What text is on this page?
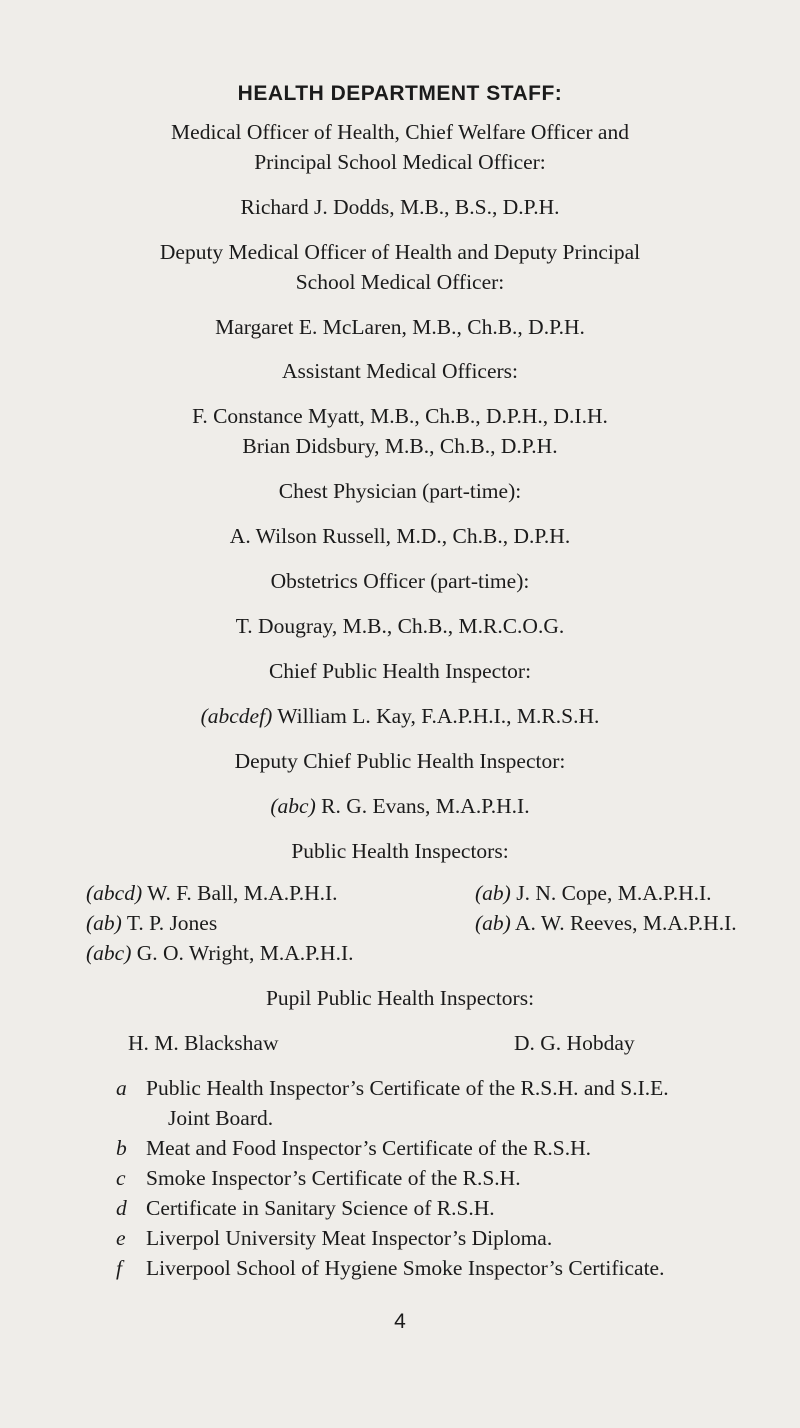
HEALTH DEPARTMENT STAFF:
Medical Officer of Health, Chief Welfare Officer and
Principal School Medical Officer:
Richard J. Dodds, M.B., B.S., D.P.H.
Deputy Medical Officer of Health and Deputy Principal
School Medical Officer:
Margaret E. McLaren, M.B., Ch.B., D.P.H.
Assistant Medical Officers:
F. Constance Myatt, M.B., Ch.B., D.P.H., D.I.H.
Brian Didsbury, M.B., Ch.B., D.P.H.
Chest Physician (part-time):
A. Wilson Russell, M.D., Ch.B., D.P.H.
Obstetrics Officer (part-time):
T. Dougray, M.B., Ch.B., M.R.C.O.G.
Chief Public Health Inspector:
(abcdef) William L. Kay, F.A.P.H.I., M.R.S.H.
Deputy Chief Public Health Inspector:
(abc) R. G. Evans, M.A.P.H.I.
Public Health Inspectors:
(abcd) W. F. Ball, M.A.P.H.I.	(ab) J. N. Cope, M.A.P.H.I.
(ab) T. P. Jones	(ab) A. W. Reeves, M.A.P.H.I.
(abc) G. O. Wright, M.A.P.H.I.
Pupil Public Health Inspectors:
H. M. Blackshaw	D. G. Hobday
a Public Health Inspector’s Certificate of the R.S.H. and S.I.E.
Joint Board.
b Meat and Food Inspector’s Certificate of the R.S.H.
c Smoke Inspector’s Certificate of the R.S.H.
d Certificate in Sanitary Science of R.S.H.
e Liverpol University Meat Inspector’s Diploma.
f Liverpool School of Hygiene Smoke Inspector’s Certificate.
4
